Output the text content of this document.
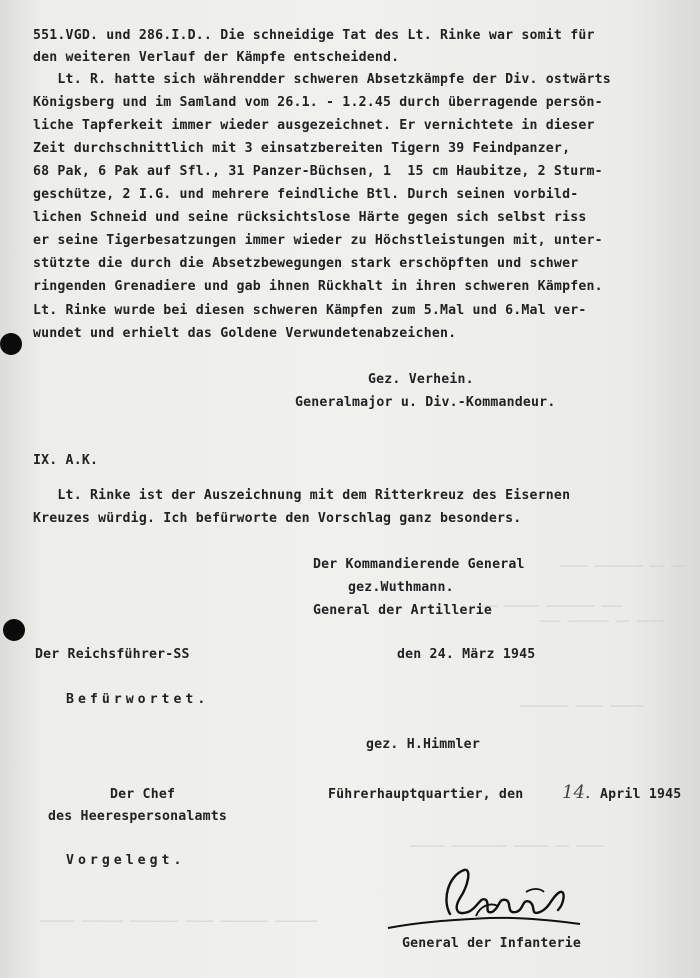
──── ─────── ── ──
──── ───── ─────── ───
─── ────── ── ────
─────── ──── ─────
───── ──────── ───── ── ────
───── ────── ─────── ──── ─────── ──────
551.VGD. und 286.I.D.. Die schneidige Tat des Lt. Rinke war somit für
den weiteren Verlauf der Kämpfe entscheidend.
Lt. R. hatte sich währendder schweren Absetzkämpfe der Div. ostwärts
Königsberg und im Samland vom 26.1. - 1.2.45 durch überragende persön-
liche Tapferkeit immer wieder ausgezeichnet. Er vernichtete in dieser
Zeit durchschnittlich mit 3 einsatzbereiten Tigern 39 Feindpanzer,
68 Pak, 6 Pak auf Sfl., 31 Panzer-Büchsen, 1  15 cm Haubitze, 2 Sturm-
geschütze, 2 I.G. und mehrere feindliche Btl. Durch seinen vorbild-
lichen Schneid und seine rücksichtslose Härte gegen sich selbst riss
er seine Tigerbesatzungen immer wieder zu Höchstleistungen mit, unter-
stützte die durch die Absetzbewegungen stark erschöpften und schwer
ringenden Grenadiere und gab ihnen Rückhalt in ihren schweren Kämpfen.
Lt. Rinke wurde bei diesen schweren Kämpfen zum 5.Mal und 6.Mal ver-
wundet und erhielt das Goldene Verwundetenabzeichen.
Gez. Verhein.
Generalmajor u. Div.-Kommandeur.
IX. A.K.
Lt. Rinke ist der Auszeichnung mit dem Ritterkreuz des Eisernen
Kreuzes würdig. Ich befürworte den Vorschlag ganz besonders.
Der Kommandierende General
gez.Wuthmann.
General der Artillerie
Der Reichsführer-SS	den 24. März 1945
Befürwortet.
gez. H.Himmler
Der Chef
des Heerespersonalamts
Führerhauptquartier, den 14. April 1945
Vorgelegt.
General der Infanterie
